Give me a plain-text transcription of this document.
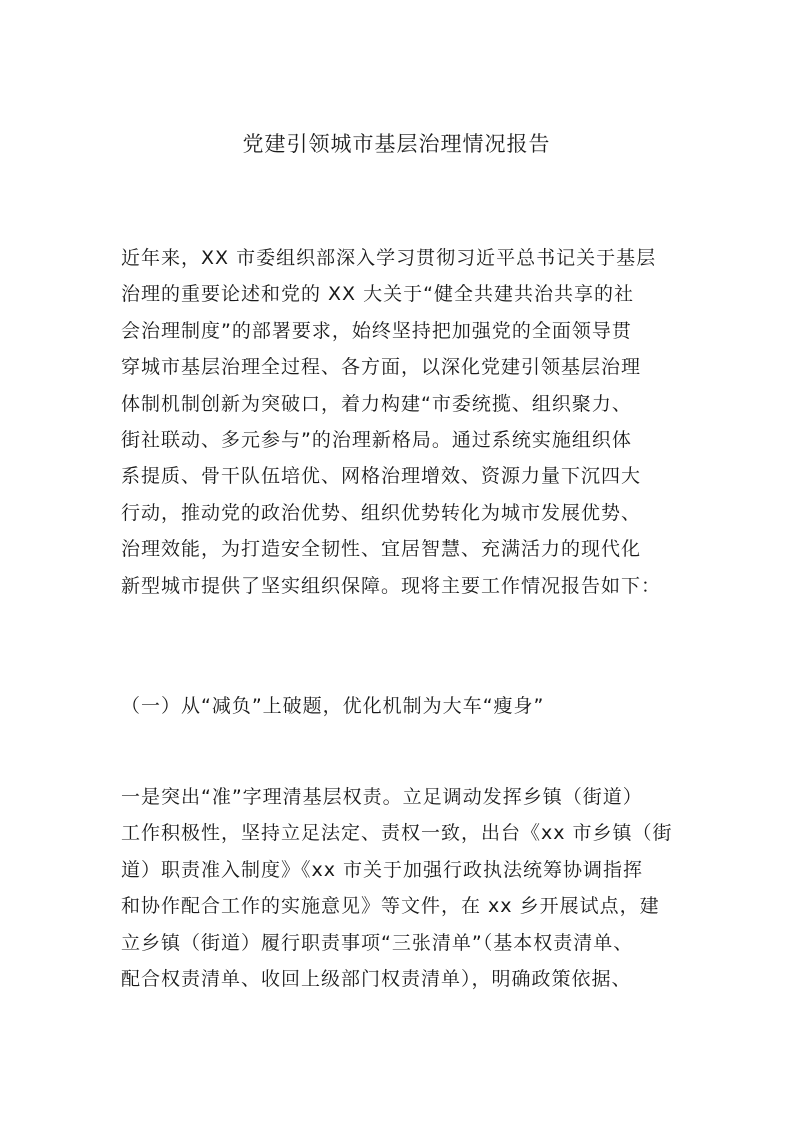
党建引领城市基层治理情况报告
近年来，XX 市委组织部深入学习贯彻习近平总书记关于基层
治理的重要论述和党的 XX 大关于“健全共建共治共享的社
会治理制度”的部署要求，始终坚持把加强党的全面领导贯
穿城市基层治理全过程、各方面，以深化党建引领基层治理
体制机制创新为突破口，着力构建“市委统揽、组织聚力、
街社联动、多元参与”的治理新格局。通过系统实施组织体
系提质、骨干队伍培优、网格治理增效、资源力量下沉四大
行动，推动党的政治优势、组织优势转化为城市发展优势、
治理效能，为打造安全韧性、宜居智慧、充满活力的现代化
新型城市提供了坚实组织保障。现将主要工作情况报告如下：
（一）从“减负”上破题，优化机制为大车“瘦身”
一是突出“准”字理清基层权责。立足调动发挥乡镇（街道）
工作积极性，坚持立足法定、责权一致，出台《xx 市乡镇（街
道）职责准入制度》《xx 市关于加强行政执法统筹协调指挥
和协作配合工作的实施意见》等文件，在 xx 乡开展试点，建
立乡镇（街道）履行职责事项“三张清单”（基本权责清单、
配合权责清单、收回上级部门权责清单），明确政策依据、
